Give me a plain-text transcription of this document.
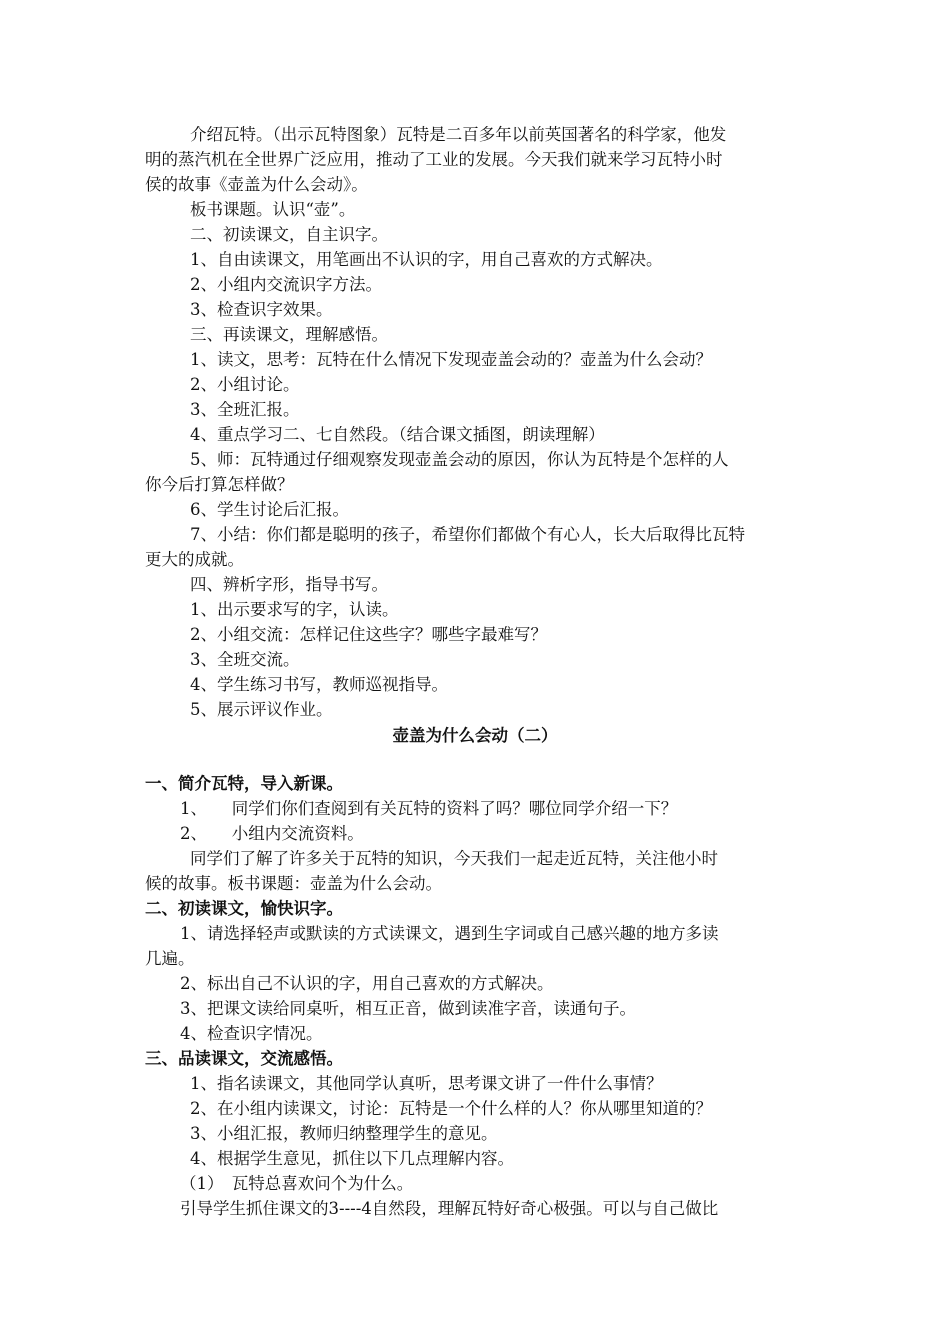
介绍瓦特。（出示瓦特图象）瓦特是二百多年以前英国著名的科学家，他发
明的蒸汽机在全世界广泛应用，推动了工业的发展。今天我们就来学习瓦特小时
侯的故事《壶盖为什么会动》。
板书课题。认识“壶”。
二、初读课文，自主识字。
1、自由读课文，用笔画出不认识的字，用自己喜欢的方式解决。
2、小组内交流识字方法。
3、检查识字效果。
三、再读课文，理解感悟。
1、读文，思考：瓦特在什么情况下发现壶盖会动的？壶盖为什么会动？
2、小组讨论。
3、全班汇报。
4、重点学习二、七自然段。（结合课文插图，朗读理解）
5、师：瓦特通过仔细观察发现壶盖会动的原因，你认为瓦特是个怎样的人
你今后打算怎样做？
6、学生讨论后汇报。
7、小结：你们都是聪明的孩子，希望你们都做个有心人，长大后取得比瓦特
更大的成就。
四、辨析字形，指导书写。
1、出示要求写的字，认读。
2、小组交流：怎样记住这些字？哪些字最难写？
3、全班交流。
4、学生练习书写，教师巡视指导。
5、展示评议作业。
壶盖为什么会动（二）
一、简介瓦特，导入新课。
1、　　同学们你们查阅到有关瓦特的资料了吗？哪位同学介绍一下？
2、　　小组内交流资料。
同学们了解了许多关于瓦特的知识，今天我们一起走近瓦特，关注他小时
候的故事。板书课题：壶盖为什么会动。
二、初读课文，愉快识字。
1、请选择轻声或默读的方式读课文，遇到生字词或自己感兴趣的地方多读
几遍。
2、标出自己不认识的字，用自己喜欢的方式解决。
3、把课文读给同桌听，相互正音，做到读准字音，读通句子。
4、检查识字情况。
三、品读课文，交流感悟。
1、指名读课文，其他同学认真听，思考课文讲了一件什么事情？
2、在小组内读课文，讨论：瓦特是一个什么样的人？你从哪里知道的？
3、小组汇报，教师归纳整理学生的意见。
4、根据学生意见，抓住以下几点理解内容。
（1）　瓦特总喜欢问个为什么。
引导学生抓住课文的3----4自然段，理解瓦特好奇心极强。可以与自己做比
